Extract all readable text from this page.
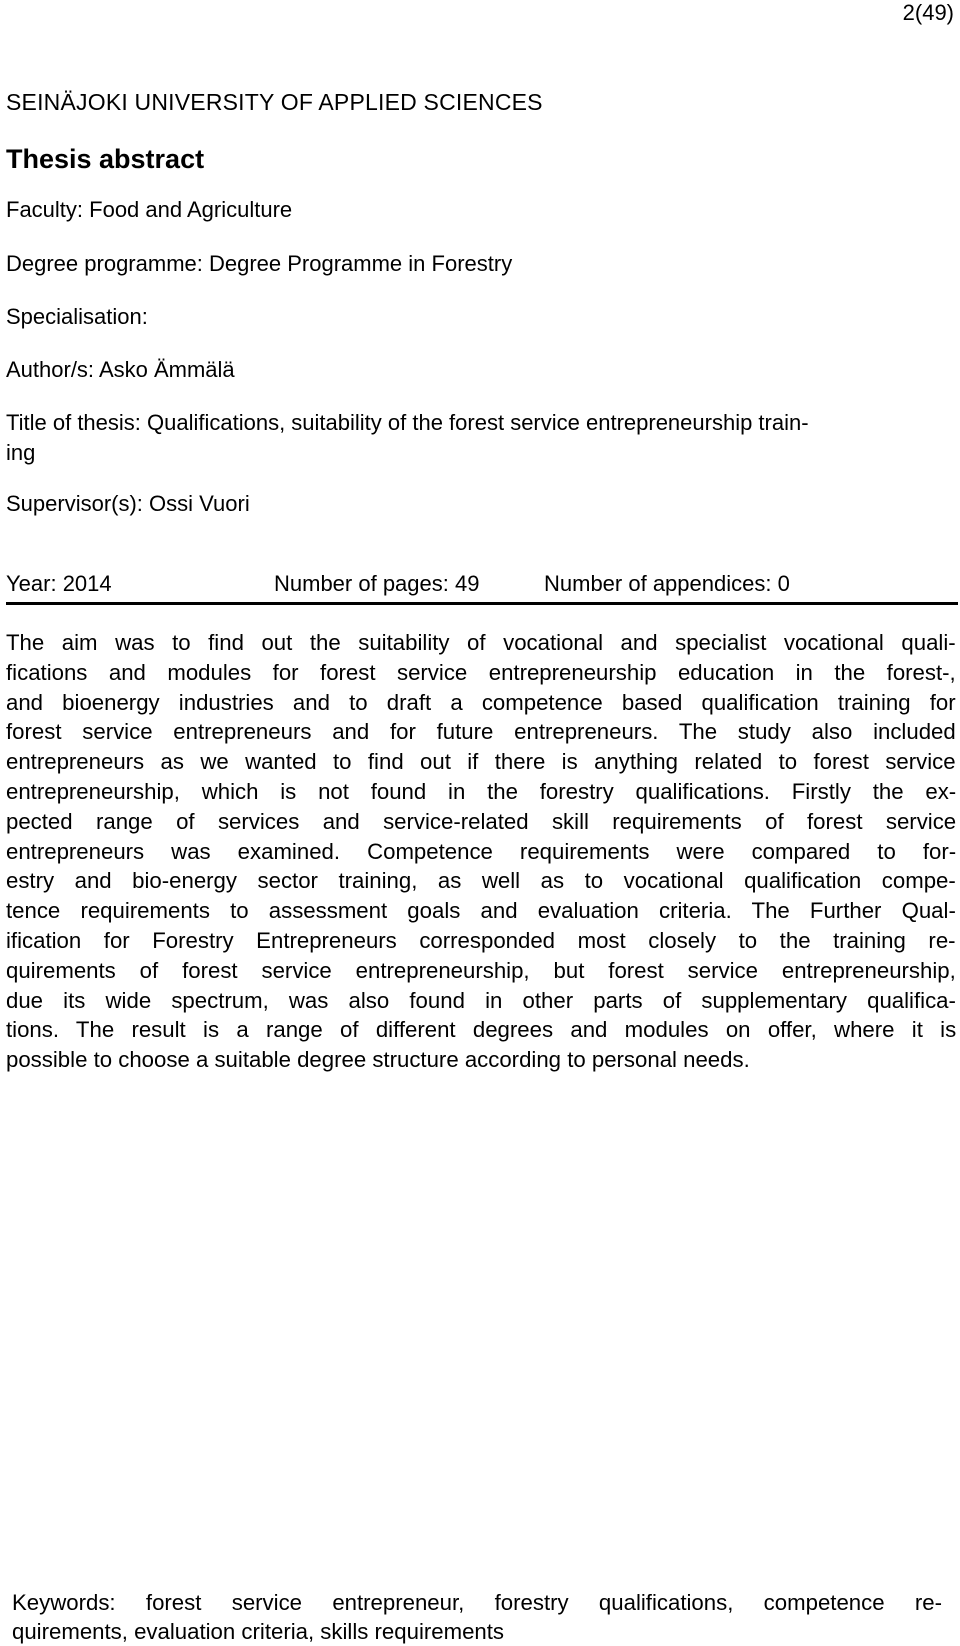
2(49)
SEINÄJOKI UNIVERSITY OF APPLIED SCIENCES
Thesis abstract
Faculty: Food and Agriculture
Degree programme: Degree Programme in Forestry
Specialisation:
Author/s: Asko Ämmälä
Title of thesis: Qualifications, suitability of the forest service entrepreneurship train-
ing
Supervisor(s): Ossi Vuori
Year: 2014	Number of pages: 49	Number of appendices: 0
The aim was to find out the suitability of vocational and specialist vocational quali-
fications and modules for forest service entrepreneurship education in the forest-,
and bioenergy industries and to draft a competence based qualification training for
forest service entrepreneurs and for future entrepreneurs. The study also included
entrepreneurs as we wanted to find out if there is anything related to forest service
entrepreneurship, which is not found in the forestry qualifications. Firstly the ex-
pected range of services and service-related skill requirements of forest service
entrepreneurs was examined. Competence requirements were compared to for-
estry and bio-energy sector training, as well as to vocational qualification compe-
tence requirements to assessment goals and evaluation criteria. The Further Qual-
ification for Forestry Entrepreneurs corresponded most closely to the training re-
quirements of forest service entrepreneurship, but forest service entrepreneurship,
due its wide spectrum, was also found in other parts of supplementary qualifica-
tions. The result is a range of different degrees and modules on offer, where it is
possible to choose a suitable degree structure according to personal needs.
Keywords: forest service entrepreneur, forestry qualifications, competence re-
quirements, evaluation criteria, skills requirements
